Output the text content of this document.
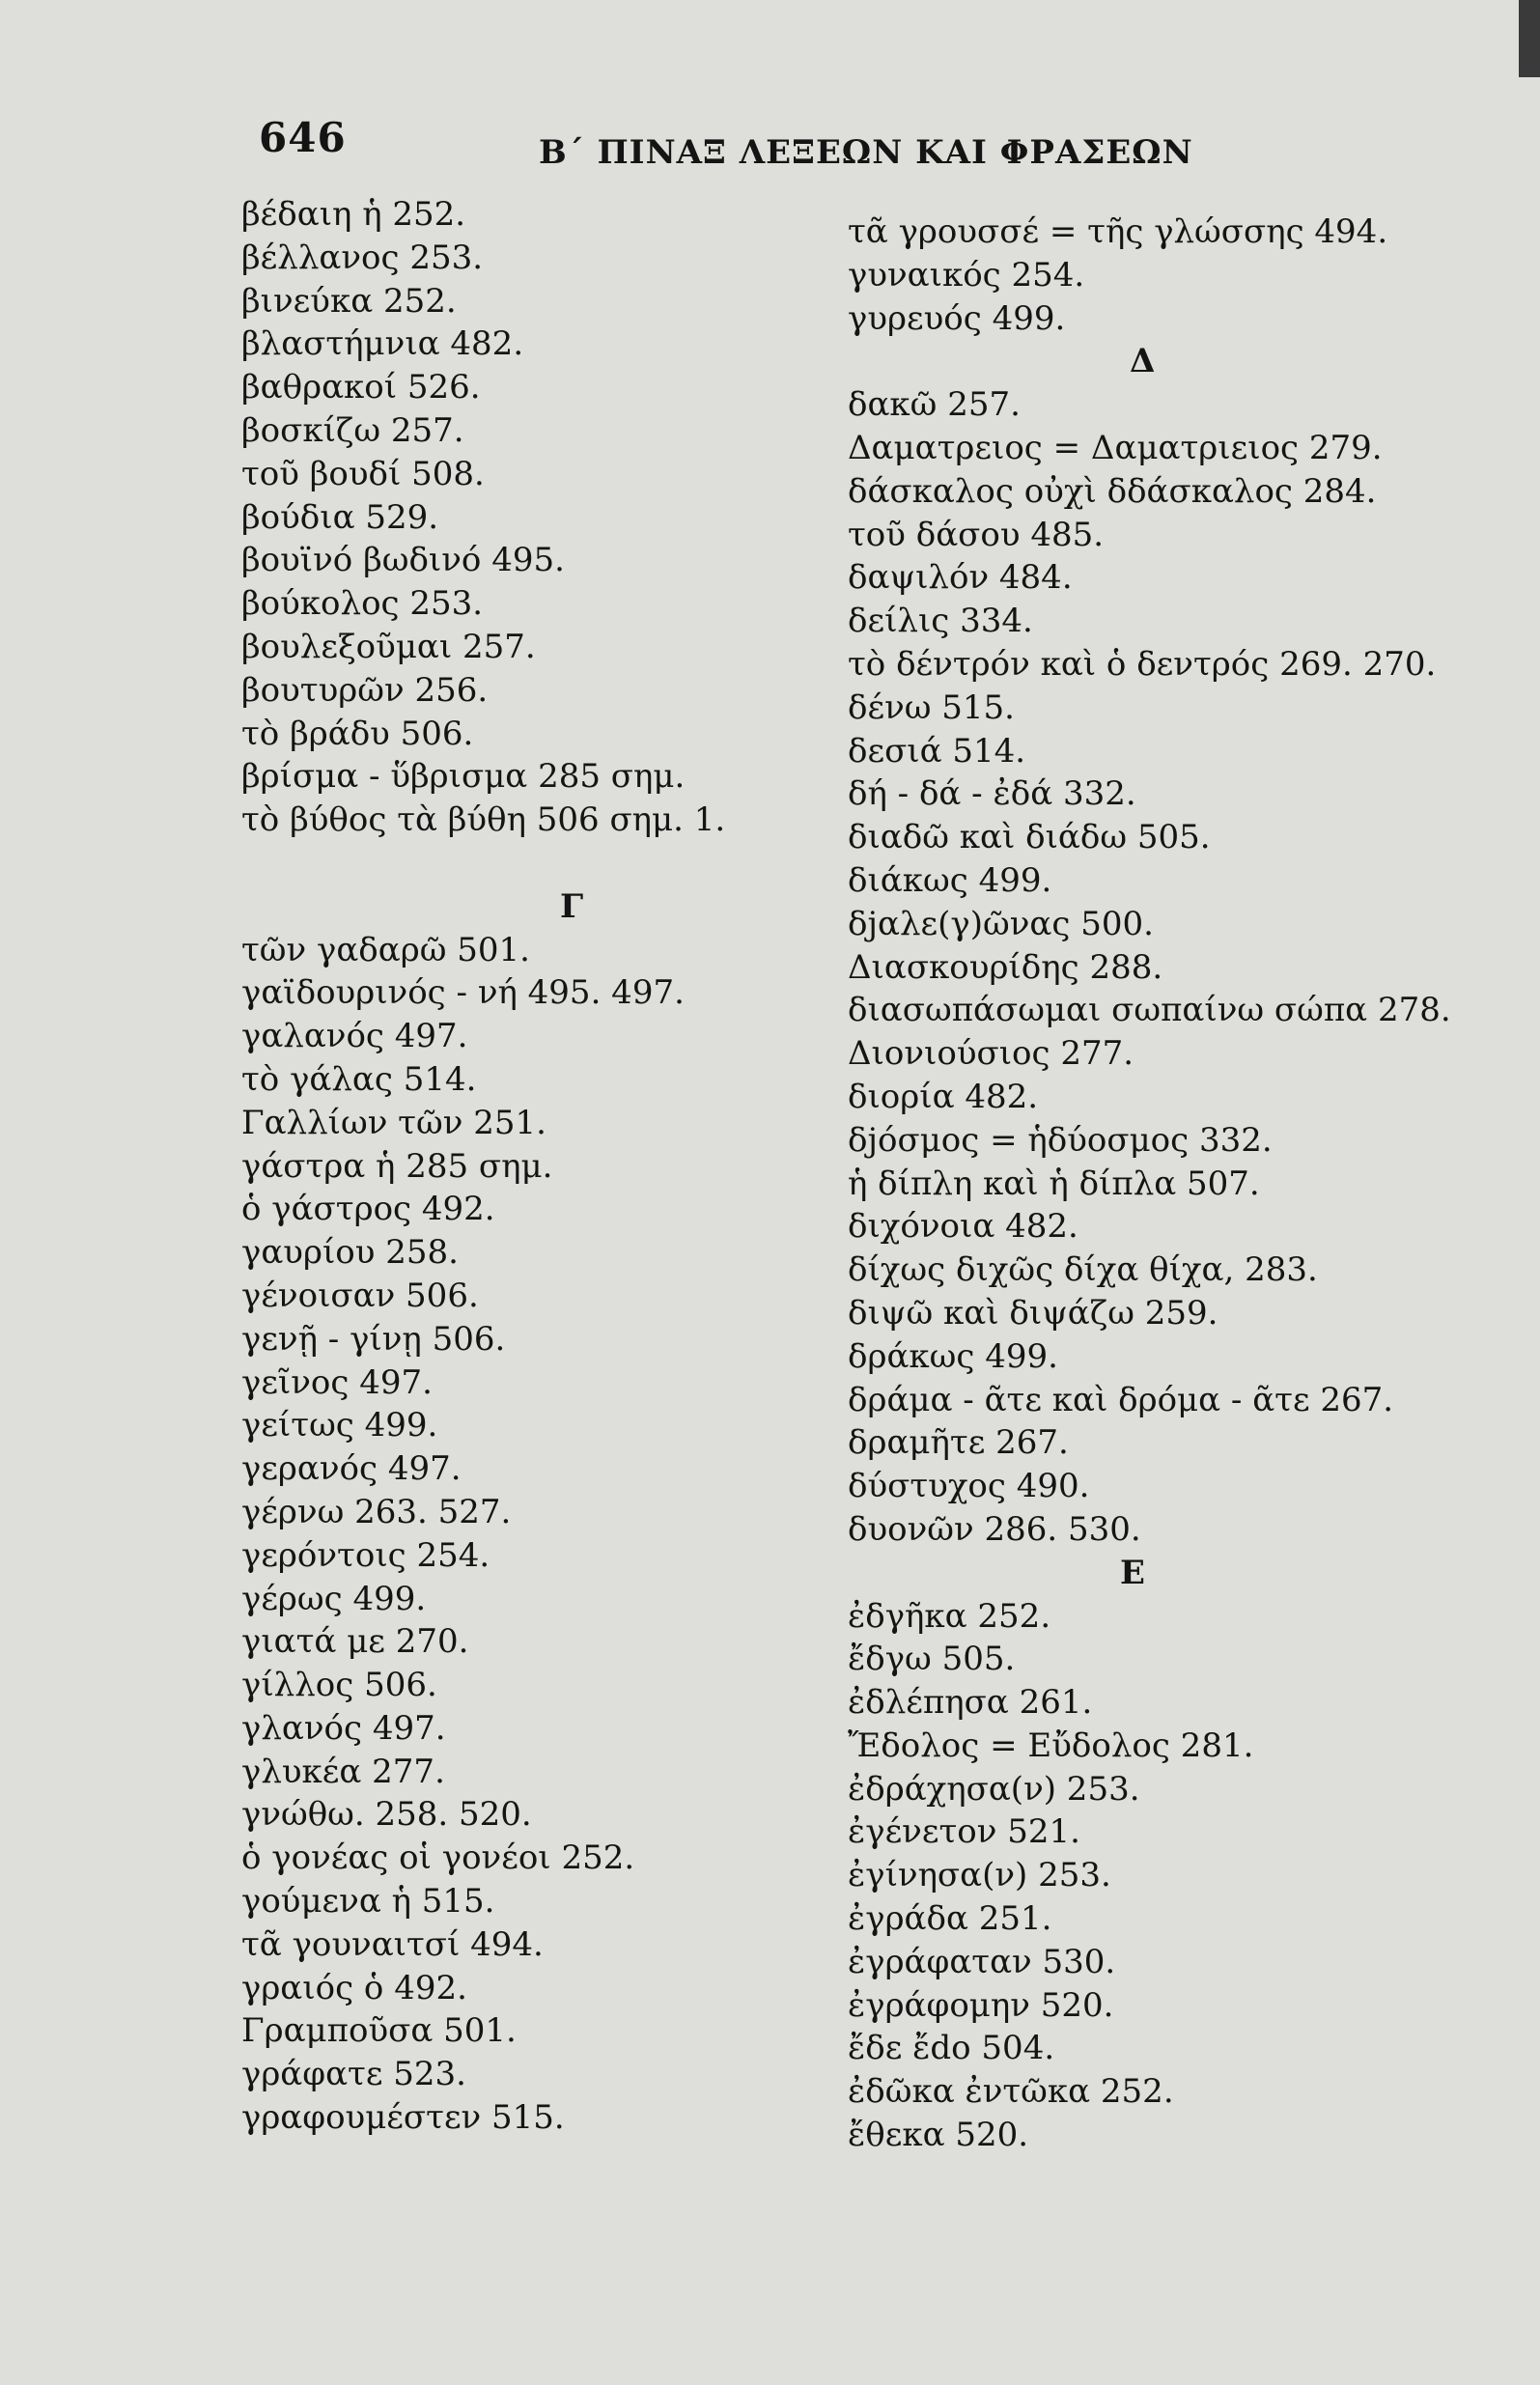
646	Β΄ ΠΙΝΑΞ ΛΕΞΕΩΝ ΚΑΙ ΦΡΑΣΕΩΝ
βέδαιη ἡ 252.
βέλλανος 253.
βινεύκα 252.
βλαστήμνια 482.
βαθρακοί 526.
βοσκίζω 257.
τοῦ βουδί 508.
βούδια 529.
βουϊνό βωδινό 495.
βούκολος 253.
βουλεξοῦμαι 257.
βουτυρῶν 256.
τὸ βράδυ 506.
βρίσμα - ὕβρισμα 285 σημ.
τὸ βύθος τὰ βύθη 506 σημ. 1.
Γ
τῶν γαδαρῶ 501.
γαϊδουρινός - νή 495. 497.
γαλανός 497.
τὸ γάλας 514.
Γαλλίων τῶν 251.
γάστρα ἡ 285 σημ.
ὁ γάστρος 492.
γαυρίου 258.
γένοισαν 506.
γενῇ - γίνῃ 506.
γεῖνος 497.
γείτως 499.
γερανός 497.
γέρνω 263. 527.
γερόντοις 254.
γέρως 499.
γιατά με 270.
γίλλος 506.
γλανός 497.
γλυκέα 277.
γνώθω. 258. 520.
ὁ γονέας οἱ γονέοι 252.
γούμενα ἡ 515.
τᾶ γουναιτσί 494.
γραιός ὁ 492.
Γραμποῦσα 501.
γράφατε 523.
γραφουμέστεν 515.
τᾶ γρουσσέ = τῆς γλώσσης 494.
γυναικός 254.
γυρευός 499.
Δ
δακῶ 257.
Δαματρειος = Δαματριειος 279.
δάσκαλος οὐχὶ δδάσκαλος 284.
τοῦ δάσου 485.
δαψιλόν 484.
δείλις 334.
τὸ δέντρόν καὶ ὁ δεντρός 269. 270.
δένω 515.
δεσιά 514.
δή - δά - ἐδά 332.
διαδῶ καὶ διάδω 505.
διάκως 499.
δjαλε(γ)ῶνας 500.
Διασκουρίδης 288.
διασωπάσωμαι σωπαίνω σώπα 278.
Διονιούσιος 277.
διορία 482.
δjόσμος = ἡδύοσμος 332.
ἡ δίπλη καὶ ἡ δίπλα 507.
διχόνοια 482.
δίχως διχῶς δίχα θίχα, 283.
διψῶ καὶ διψάζω 259.
δράκως 499.
δράμα - ᾶτε καὶ δρόμα - ᾶτε 267.
δραμῆτε 267.
δύστυχος 490.
δυονῶν 286. 530.
Ε
ἐδγῆκα 252.
ἔδγω 505.
ἐδλέπησα 261.
Ἔδολος = Εὔδολος 281.
ἐδράχησα(ν) 253.
ἐγένετον 521.
ἐγίνησα(ν) 253.
ἐγράδα 251.
ἐγράφαταν 530.
ἐγράφομην 520.
ἔδε ἔdo 504.
ἐδῶκα ἐντῶκα 252.
ἔθεκα 520.
